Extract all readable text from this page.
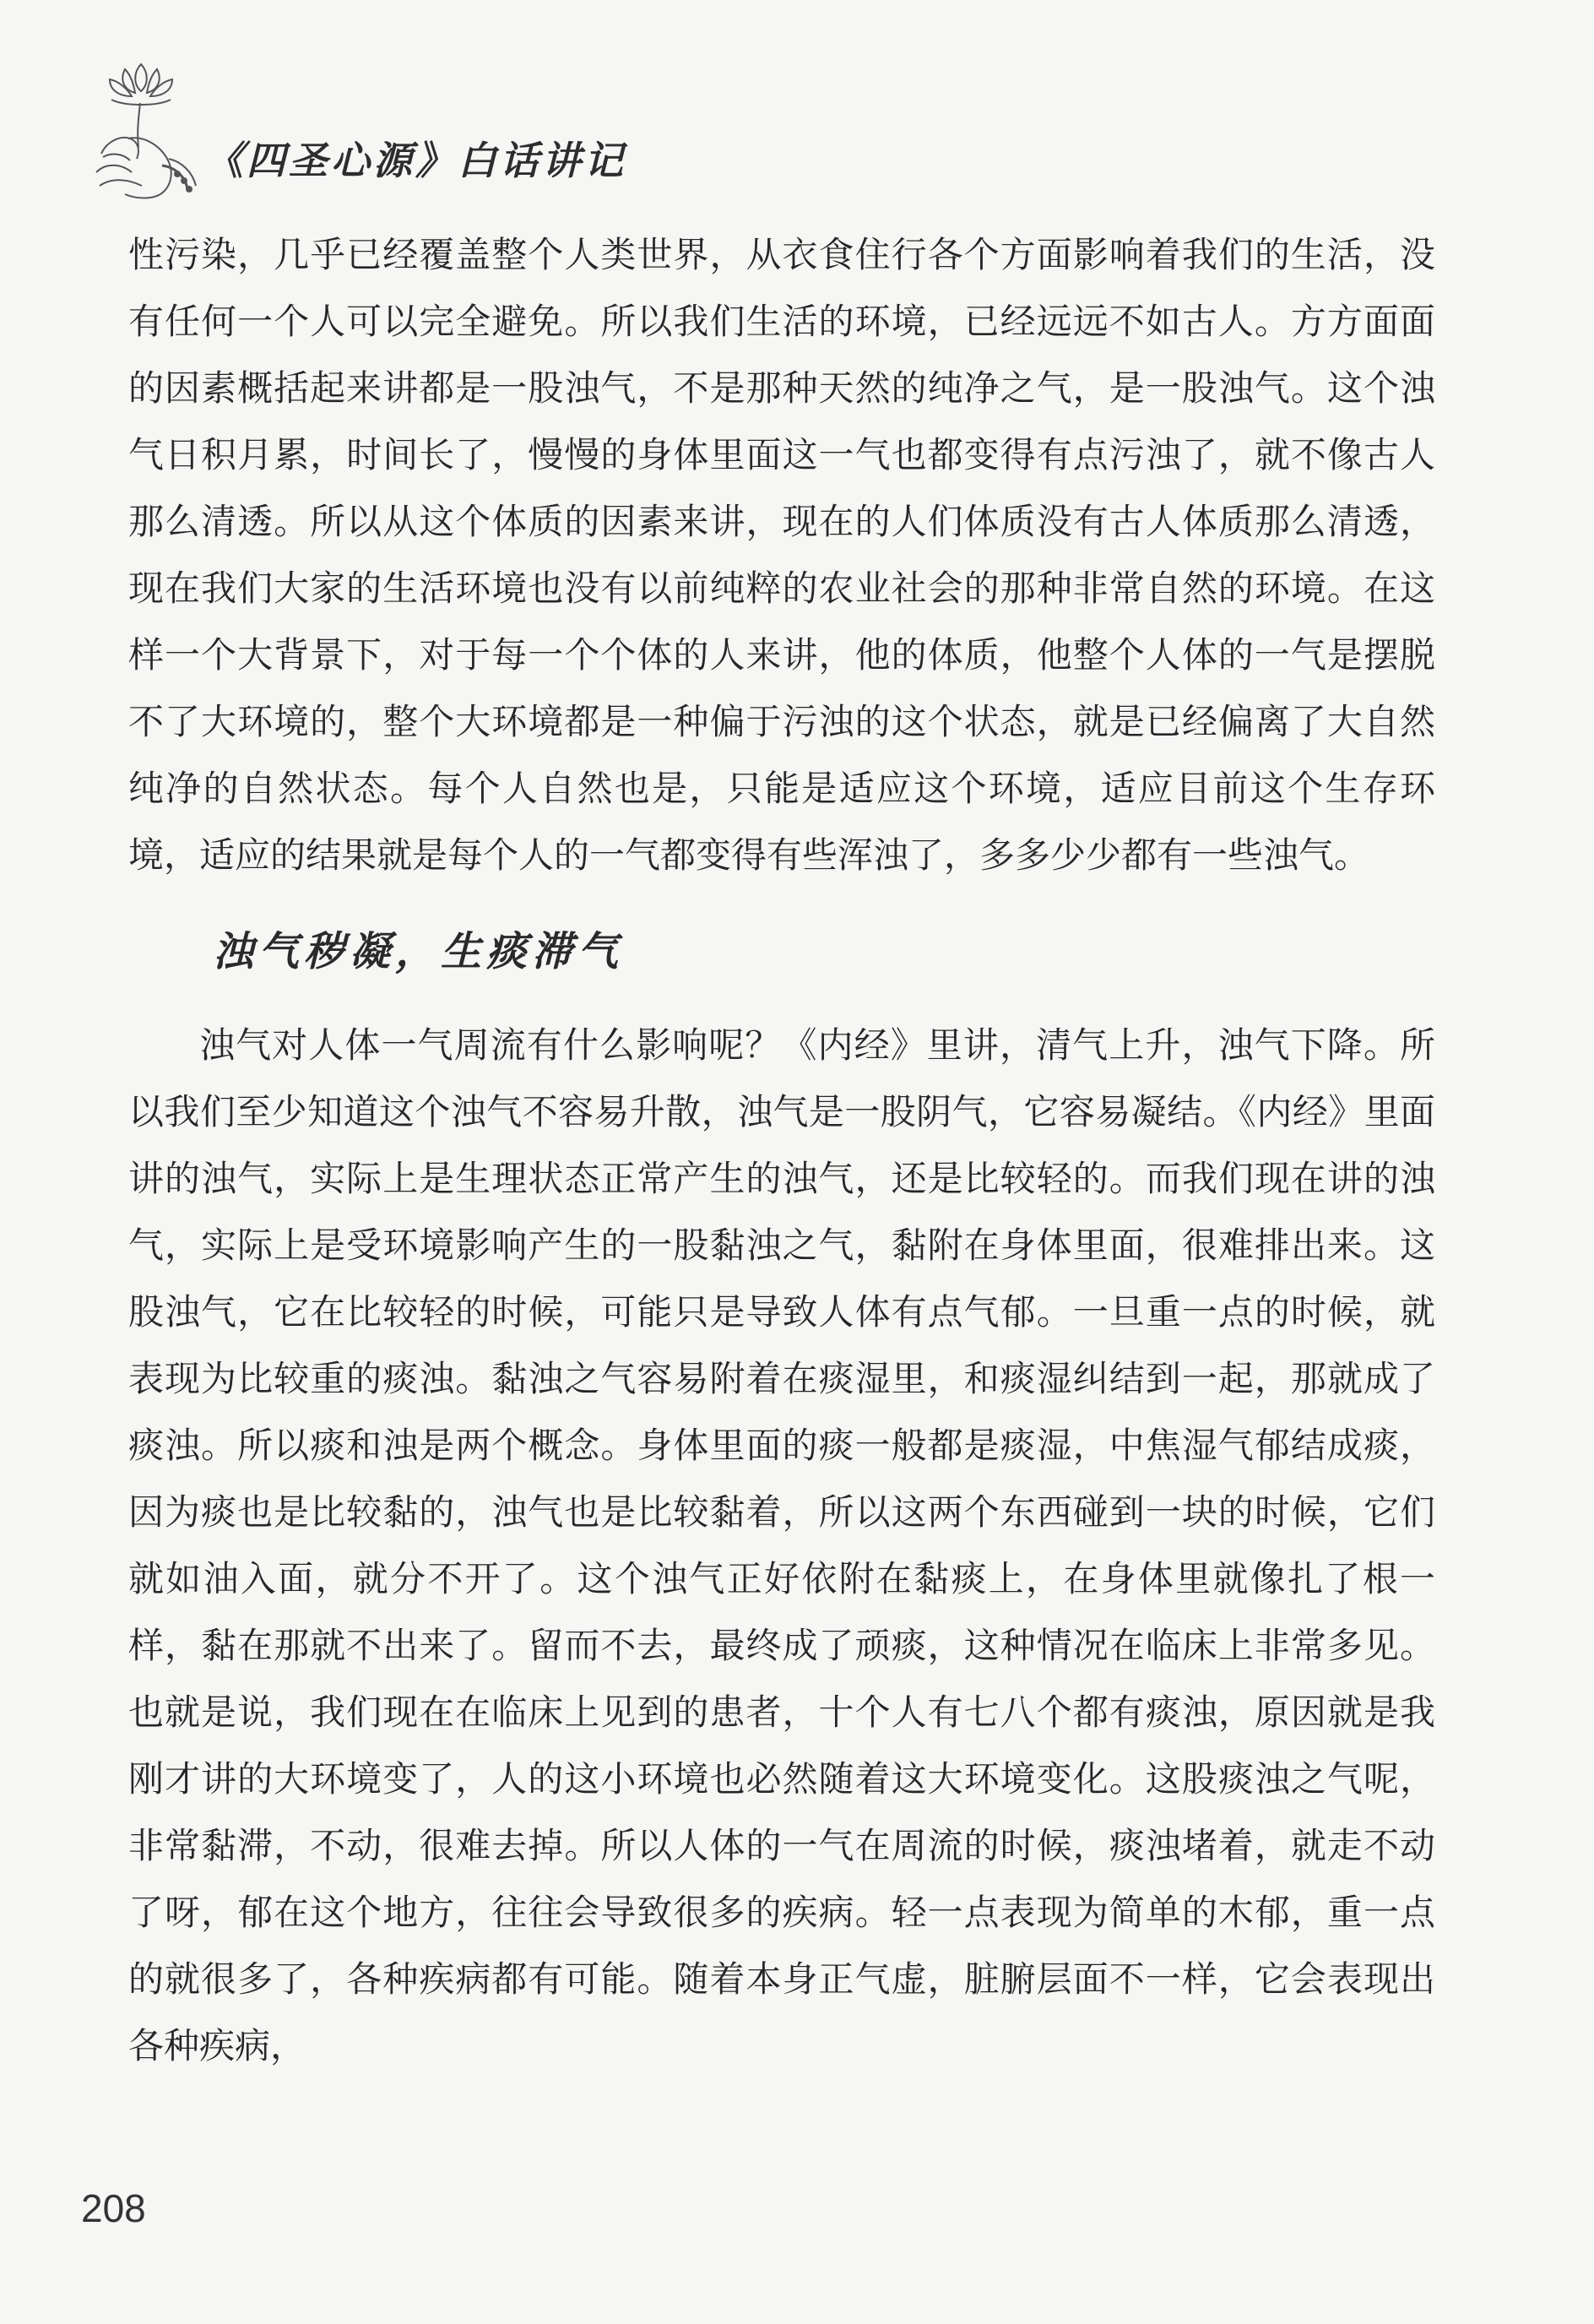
《四圣心源》白话讲记

性污染，几乎已经覆盖整个人类世界，从衣食住行各个方面影响着我们的生活，没有任何一个人可以完全避免。所以我们生活的环境，已经远远不如古人。方方面面的因素概括起来讲都是一股浊气，不是那种天然的纯净之气，是一股浊气。这个浊气日积月累，时间长了，慢慢的身体里面这一气也都变得有点污浊了，就不像古人那么清透。所以从这个体质的因素来讲，现在的人们体质没有古人体质那么清透，现在我们大家的生活环境也没有以前纯粹的农业社会的那种非常自然的环境。在这样一个大背景下，对于每一个个体的人来讲，他的体质，他整个人体的一气是摆脱不了大环境的，整个大环境都是一种偏于污浊的这个状态，就是已经偏离了大自然纯净的自然状态。每个人自然也是，只能是适应这个环境，适应目前这个生存环境，适应的结果就是每个人的一气都变得有些浑浊了，多多少少都有一些浊气。

浊气秽凝，生痰滞气

浊气对人体一气周流有什么影响呢？《内经》里讲，清气上升，浊气下降。所以我们至少知道这个浊气不容易升散，浊气是一股阴气，它容易凝结。《内经》里面讲的浊气，实际上是生理状态正常产生的浊气，还是比较轻的。而我们现在讲的浊气，实际上是受环境影响产生的一股黏浊之气，黏附在身体里面，很难排出来。这股浊气，它在比较轻的时候，可能只是导致人体有点气郁。一旦重一点的时候，就表现为比较重的痰浊。黏浊之气容易附着在痰湿里，和痰湿纠结到一起，那就成了痰浊。所以痰和浊是两个概念。身体里面的痰一般都是痰湿，中焦湿气郁结成痰，因为痰也是比较黏的，浊气也是比较黏着，所以这两个东西碰到一块的时候，它们就如油入面，就分不开了。这个浊气正好依附在黏痰上，在身体里就像扎了根一样，黏在那就不出来了。留而不去，最终成了顽痰，这种情况在临床上非常多见。也就是说，我们现在在临床上见到的患者，十个人有七八个都有痰浊，原因就是我刚才讲的大环境变了，人的这小环境也必然随着这大环境变化。这股痰浊之气呢，非常黏滞，不动，很难去掉。所以人体的一气在周流的时候，痰浊堵着，就走不动了呀，郁在这个地方，往往会导致很多的疾病。轻一点表现为简单的木郁，重一点的就很多了，各种疾病都有可能。随着本身正气虚，脏腑层面不一样，它会表现出各种疾病，

208
